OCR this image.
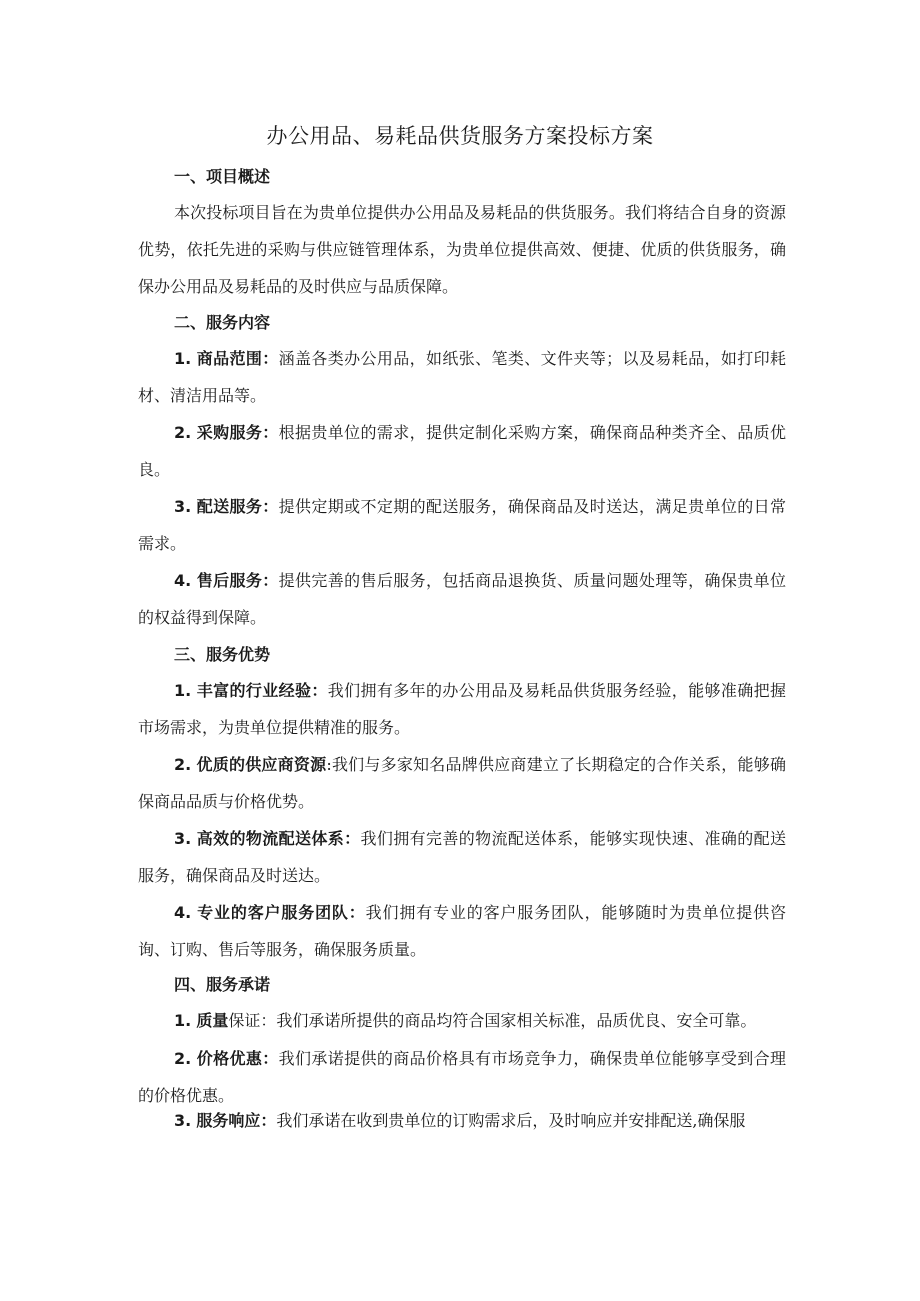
办公用品、易耗品供货服务方案投标方案
一、项目概述
本次投标项目旨在为贵单位提供办公用品及易耗品的供货服务。我们将结合自身的资源优势，依托先进的采购与供应链管理体系，为贵单位提供高效、便捷、优质的供货服务，确保办公用品及易耗品的及时供应与品质保障。
二、服务内容
1. 商品范围：涵盖各类办公用品，如纸张、笔类、文件夹等；以及易耗品，如打印耗材、清洁用品等。
2. 采购服务：根据贵单位的需求，提供定制化采购方案，确保商品种类齐全、品质优良。
3. 配送服务：提供定期或不定期的配送服务，确保商品及时送达，满足贵单位的日常需求。
4. 售后服务：提供完善的售后服务，包括商品退换货、质量问题处理等，确保贵单位的权益得到保障。
三、服务优势
1. 丰富的行业经验：我们拥有多年的办公用品及易耗品供货服务经验，能够准确把握市场需求，为贵单位提供精准的服务。
2. 优质的供应商资源:我们与多家知名品牌供应商建立了长期稳定的合作关系，能够确保商品品质与价格优势。
3. 高效的物流配送体系：我们拥有完善的物流配送体系，能够实现快速、准确的配送服务，确保商品及时送达。
4. 专业的客户服务团队：我们拥有专业的客户服务团队，能够随时为贵单位提供咨询、订购、售后等服务，确保服务质量。
四、服务承诺
1. 质量保证：我们承诺所提供的商品均符合国家相关标准，品质优良、安全可靠。
2. 价格优惠：我们承诺提供的商品价格具有市场竞争力，确保贵单位能够享受到合理的价格优惠。
3. 服务响应：我们承诺在收到贵单位的订购需求后，及时响应并安排配送,确保服
